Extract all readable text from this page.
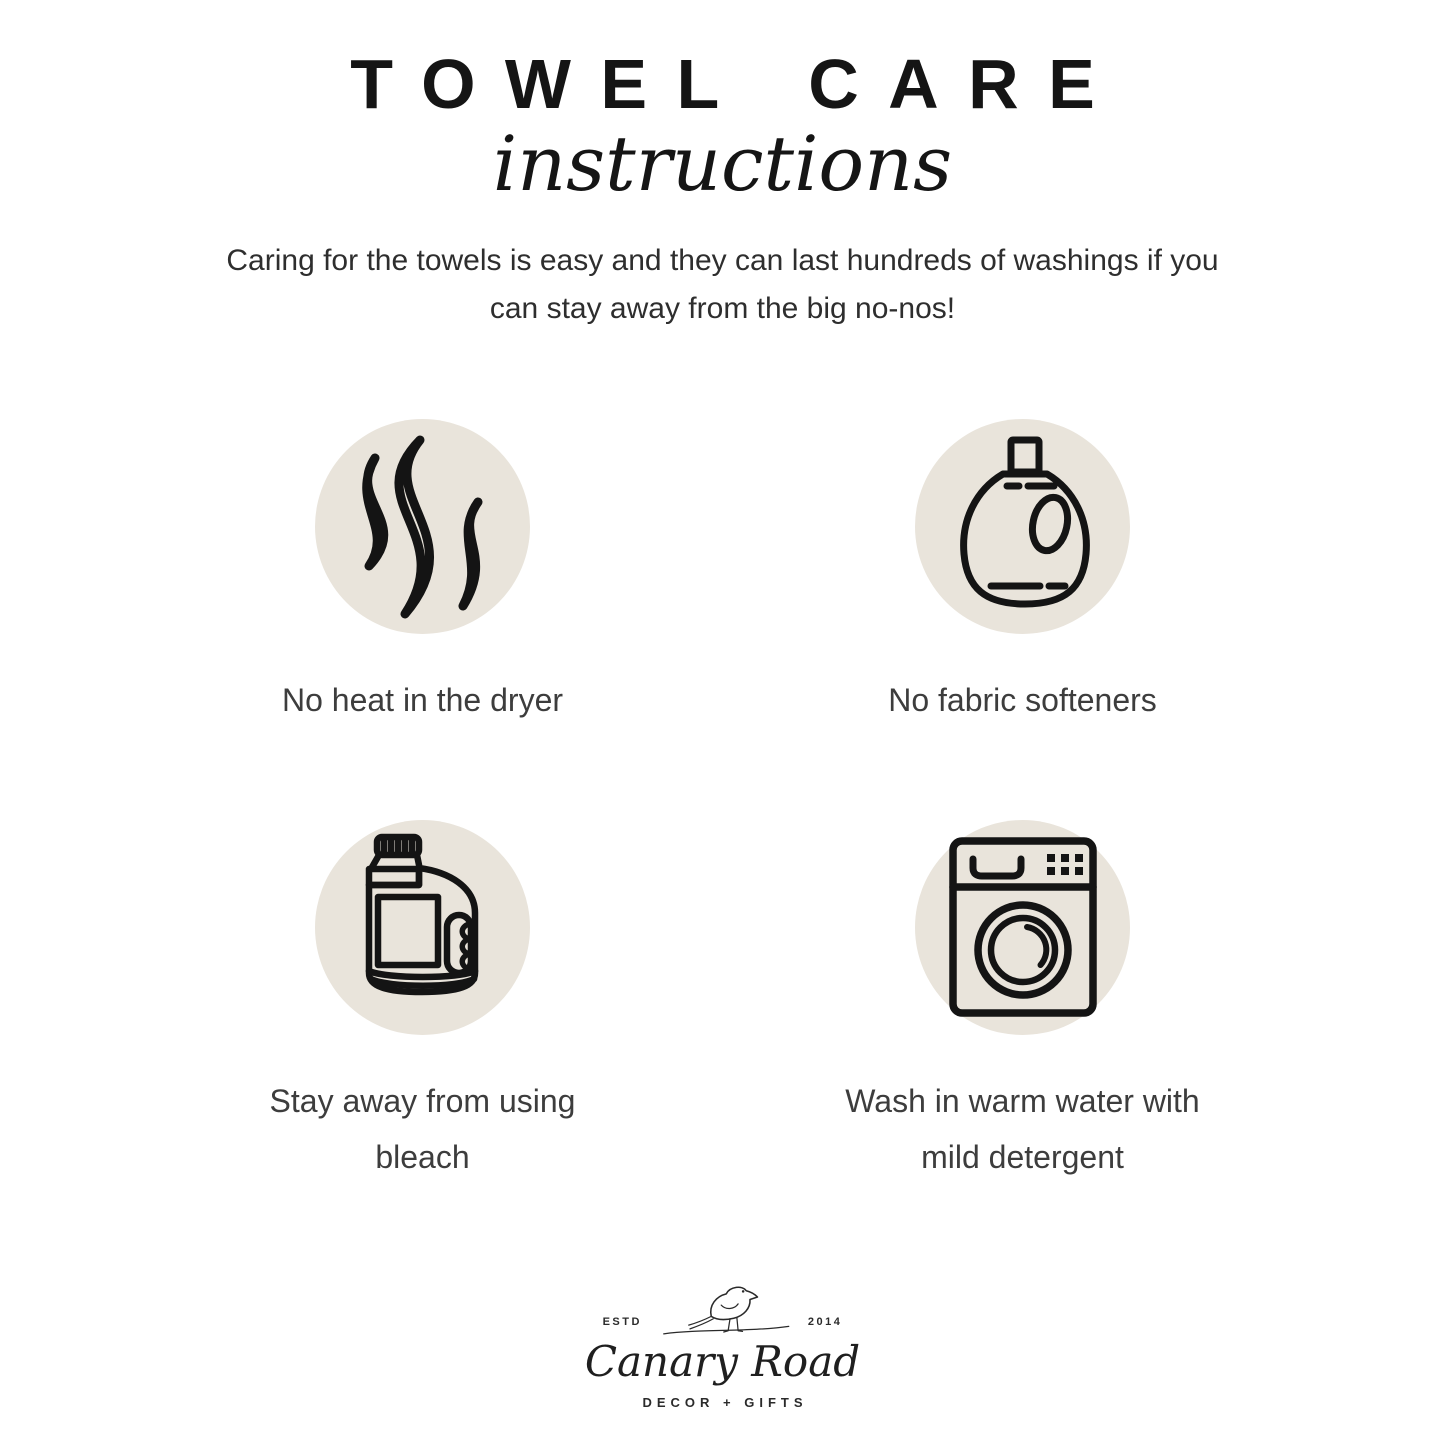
TOWEL CARE
instructions

Caring for the towels is easy and they can last hundreds of washings if you
can stay away from the big no-nos!

No heat in the dryer	No fabric softeners
Stay away from using bleach
Wash in warm water with mild detergent
ESTD	2014
Canary Road
DECOR + GIFTS
